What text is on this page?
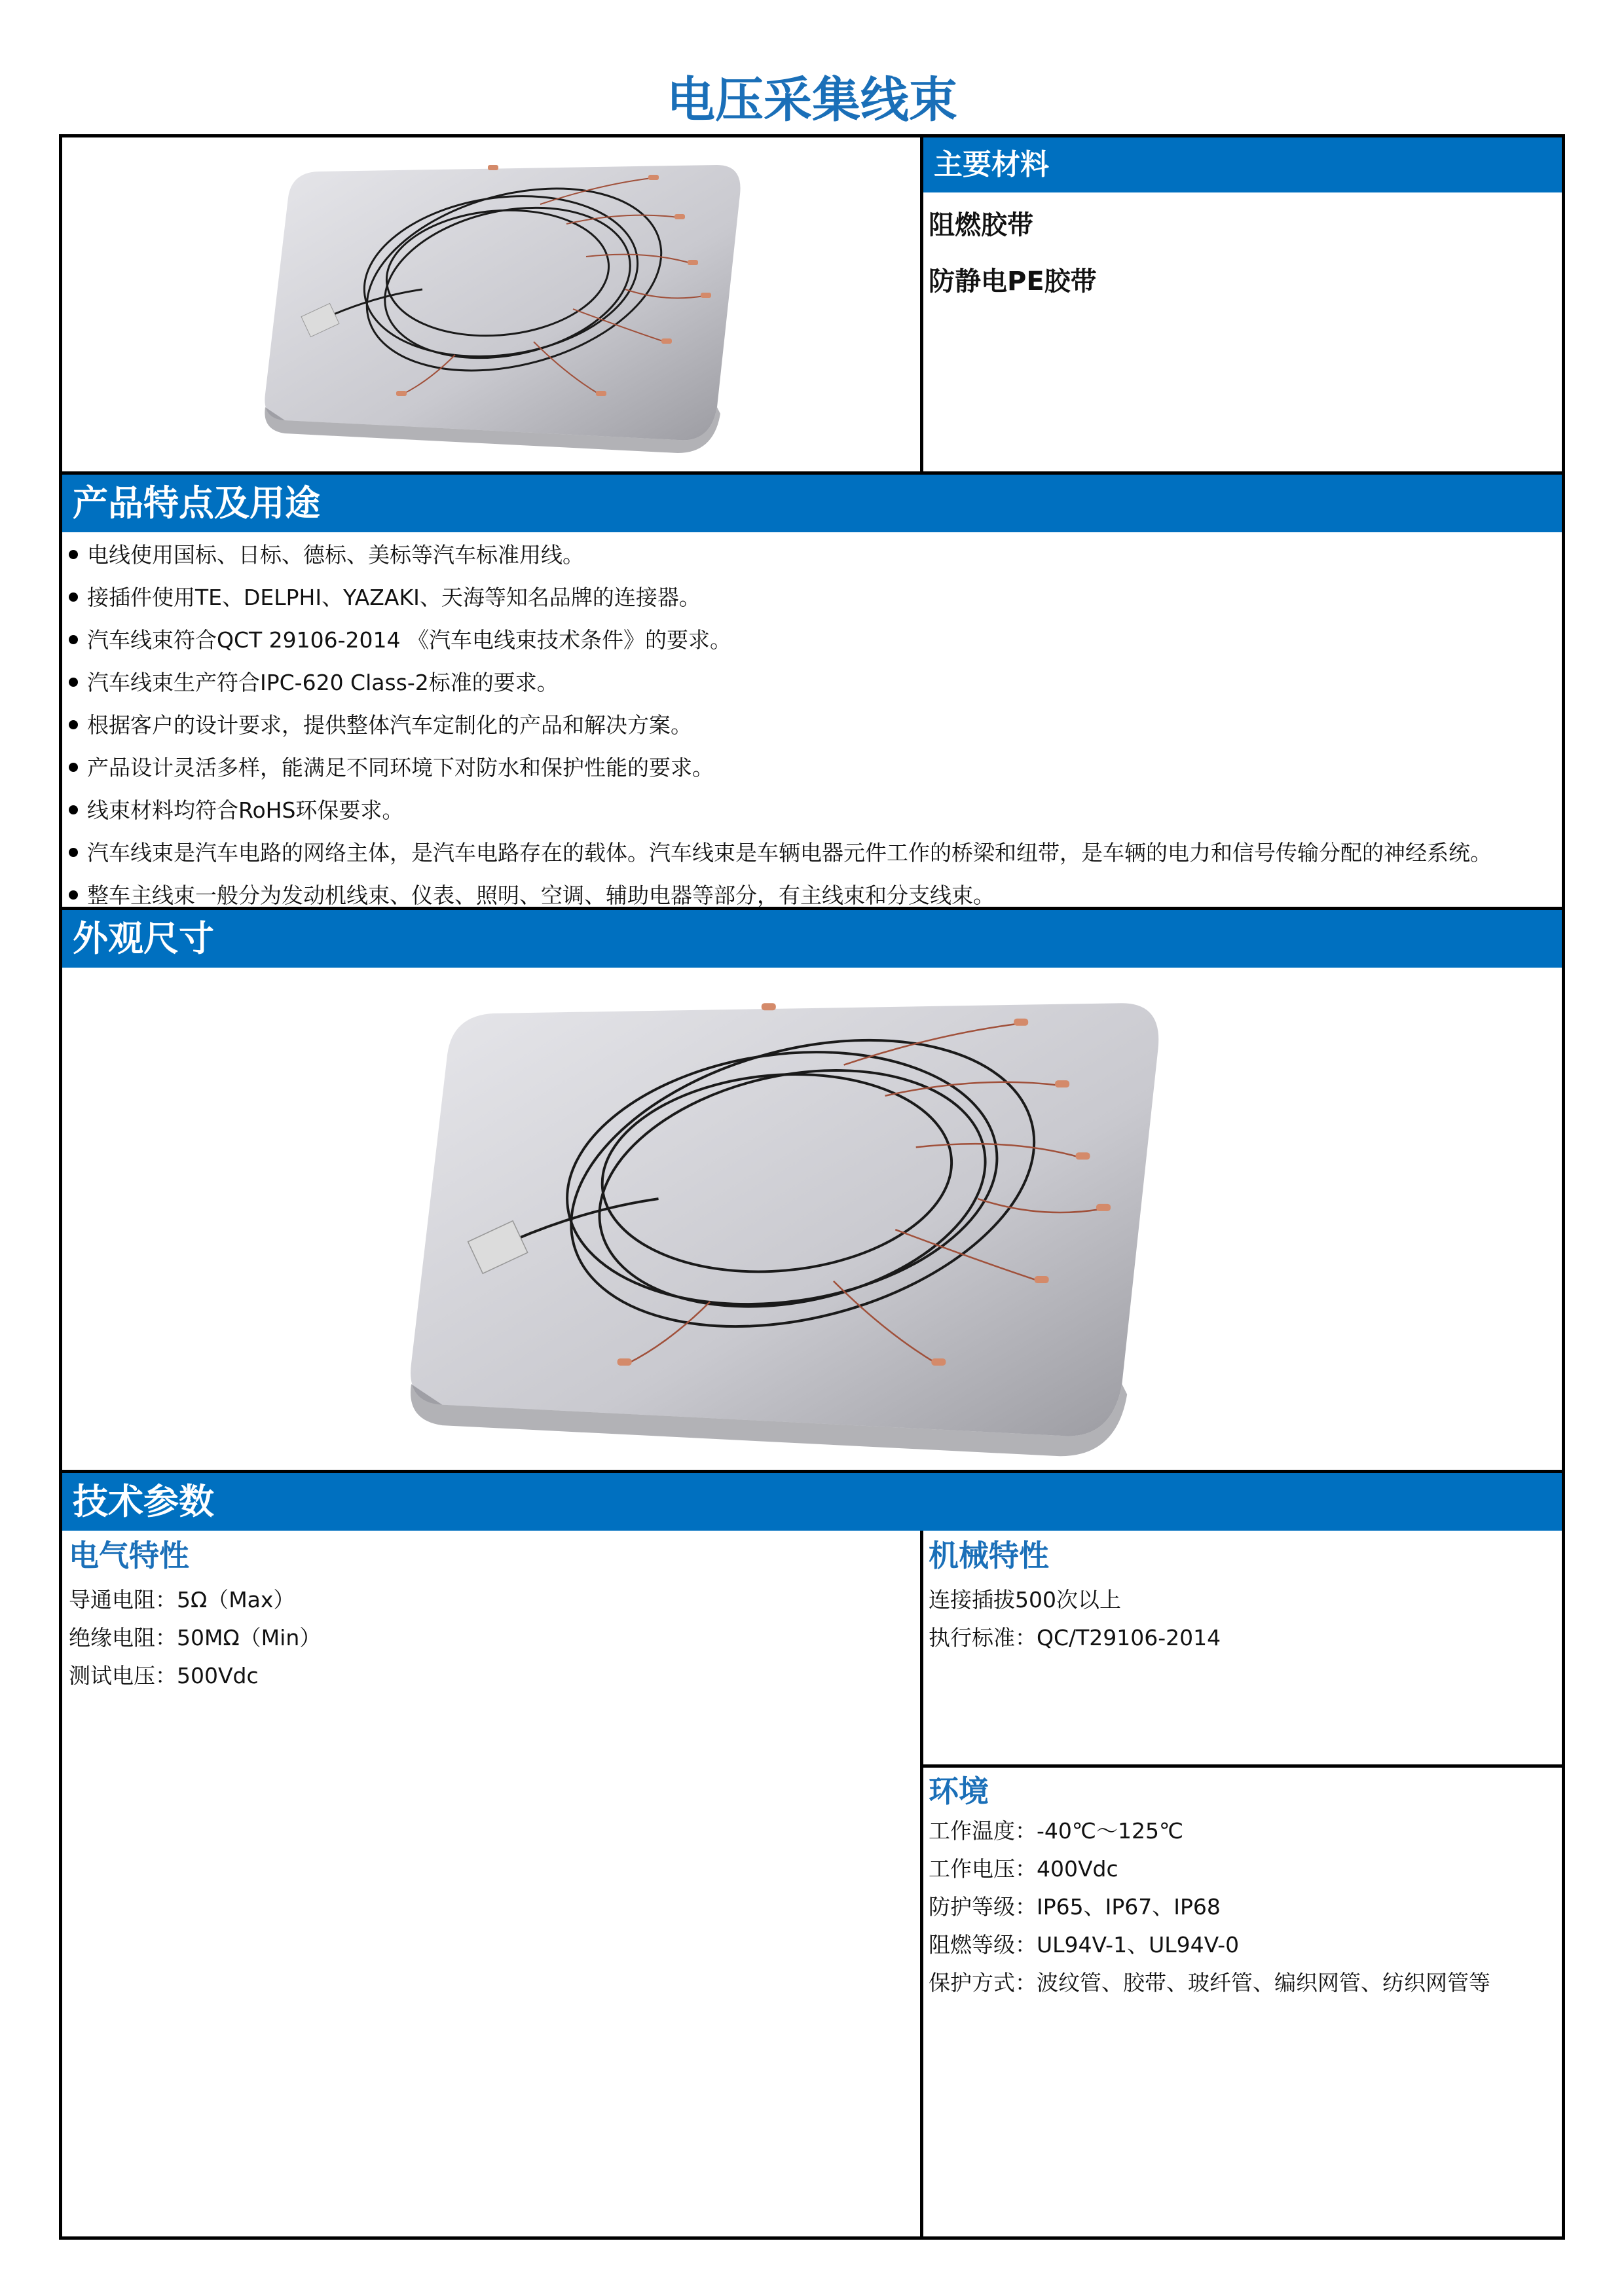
电压采集线束
主要材料
阻燃胶带
防静电PE胶带
产品特点及用途
电线使用国标、日标、德标、美标等汽车标准用线。
接插件使用TE、DELPHI、YAZAKI、天海等知名品牌的连接器。
汽车线束符合QCT 29106-2014 《汽车电线束技术条件》的要求。
汽车线束生产符合IPC-620 Class-2标准的要求。
根据客户的设计要求，提供整体汽车定制化的产品和解决方案。
产品设计灵活多样，能满足不同环境下对防水和保护性能的要求。
线束材料均符合RoHS环保要求。
汽车线束是汽车电路的网络主体，是汽车电路存在的载体。汽车线束是车辆电器元件工作的桥梁和纽带，是车辆的电力和信号传输分配的神经系统。
整车主线束一般分为发动机线束、仪表、照明、空调、辅助电器等部分，有主线束和分支线束。
外观尺寸
技术参数
电气特性
导通电阻：5Ω（Max）
绝缘电阻：50MΩ（Min）
测试电压：500Vdc
机械特性
连接插拔500次以上
执行标准：QC/T29106-2014
环境
工作温度：-40℃～125℃
工作电压：400Vdc
防护等级：IP65、IP67、IP68
阻燃等级：UL94V-1、UL94V-0
保护方式：波纹管、胶带、玻纤管、编织网管、纺织网管等
